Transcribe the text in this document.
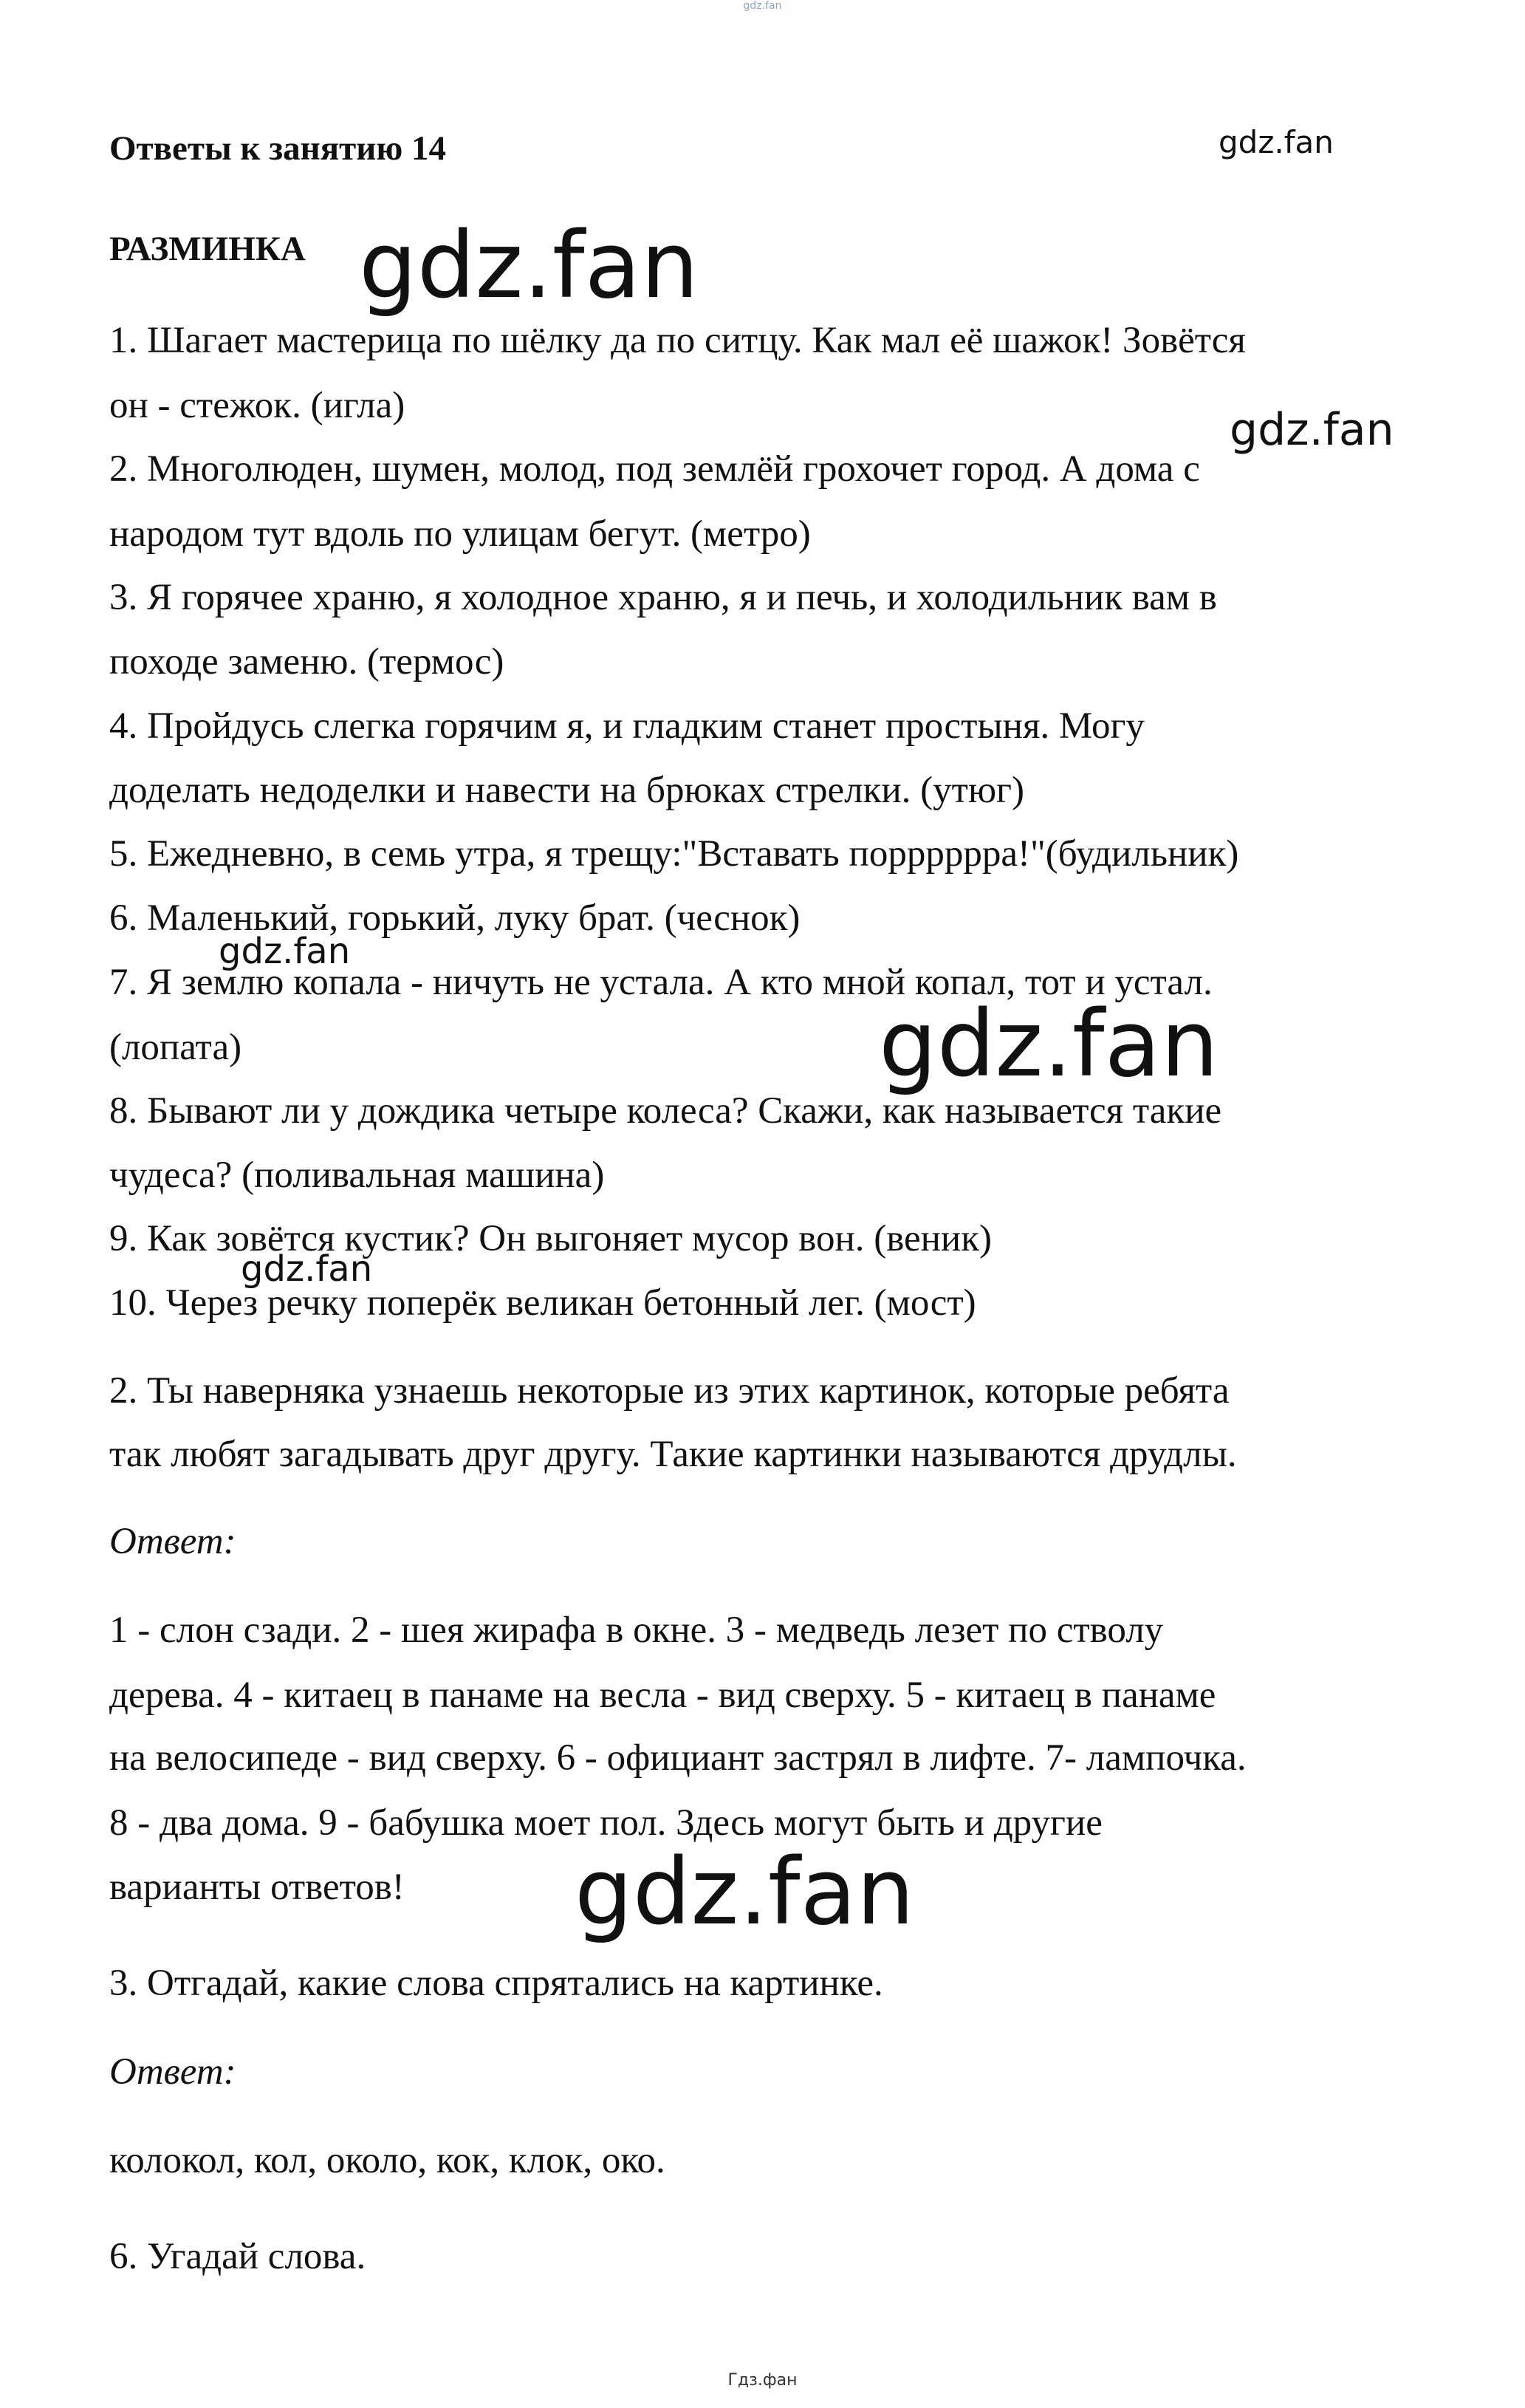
gdz.fan
Ответы к занятию 14
РАЗМИНКА
1. Шагает мастерица по шёлку да по ситцу. Как мал её шажок! Зовётся
он - стежок. (игла)
2. Многолюден, шумен, молод, под землёй грохочет город. А дома с
народом тут вдоль по улицам бегут. (метро)
3. Я горячее храню, я холодное храню, я и печь, и холодильник вам в
походе заменю. (термос)
4. Пройдусь слегка горячим я, и гладким станет простыня. Могу
доделать недоделки и навести на брюках стрелки. (утюг)
5. Ежедневно, в семь утра, я трещу:"Вставать порррррра!"(будильник)
6. Маленький, горький, луку брат. (чеснок)
7. Я землю копала - ничуть не устала. А кто мной копал, тот и устал.
(лопата)
8. Бывают ли у дождика четыре колеса? Скажи, как называется такие
чудеса? (поливальная машина)
9. Как зовётся кустик? Он выгоняет мусор вон. (веник)
10. Через речку поперёк великан бетонный лег. (мост)
2. Ты наверняка узнаешь некоторые из этих картинок, которые ребята
так любят загадывать друг другу. Такие картинки называются друдлы.
Ответ:
1 - слон сзади. 2 - шея жирафа в окне. 3 - медведь лезет по стволу
дерева. 4 - китаец в панаме на весла - вид сверху. 5 - китаец в панаме
на велосипеде - вид сверху. 6 - официант застрял в лифте. 7- лампочка.
8 - два дома. 9 - бабушка моет пол. Здесь могут быть и другие
варианты ответов!
3. Отгадай, какие слова спрятались на картинке.
Ответ:
колокол, кол, около, кок, клок, око.
6. Угадай слова.
gdz.fan
gdz.fan
gdz.fan
gdz.fan
gdz.fan
gdz.fan
gdz.fan
Гдз.фан
